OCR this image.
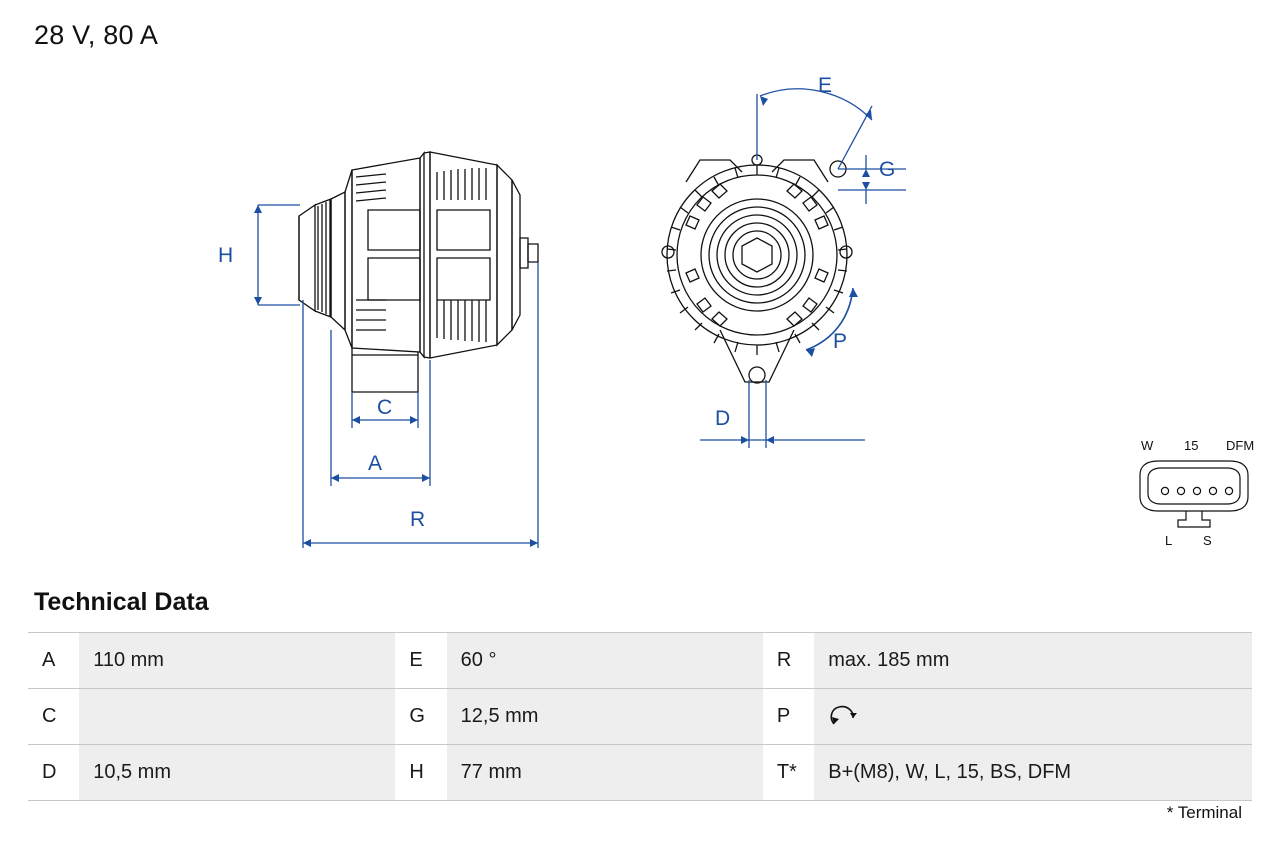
28 V, 80 A
H
C
A
R
E
G
P
D
W 15 DFM
L S
Technical Data
A	110 mm	E	60 °	R	max. 185 mm
C		G	12,5 mm	P	

D	10,5 mm	H	77 mm	T*	B+(M8), W, L, 15, BS, DFM
* Terminal
